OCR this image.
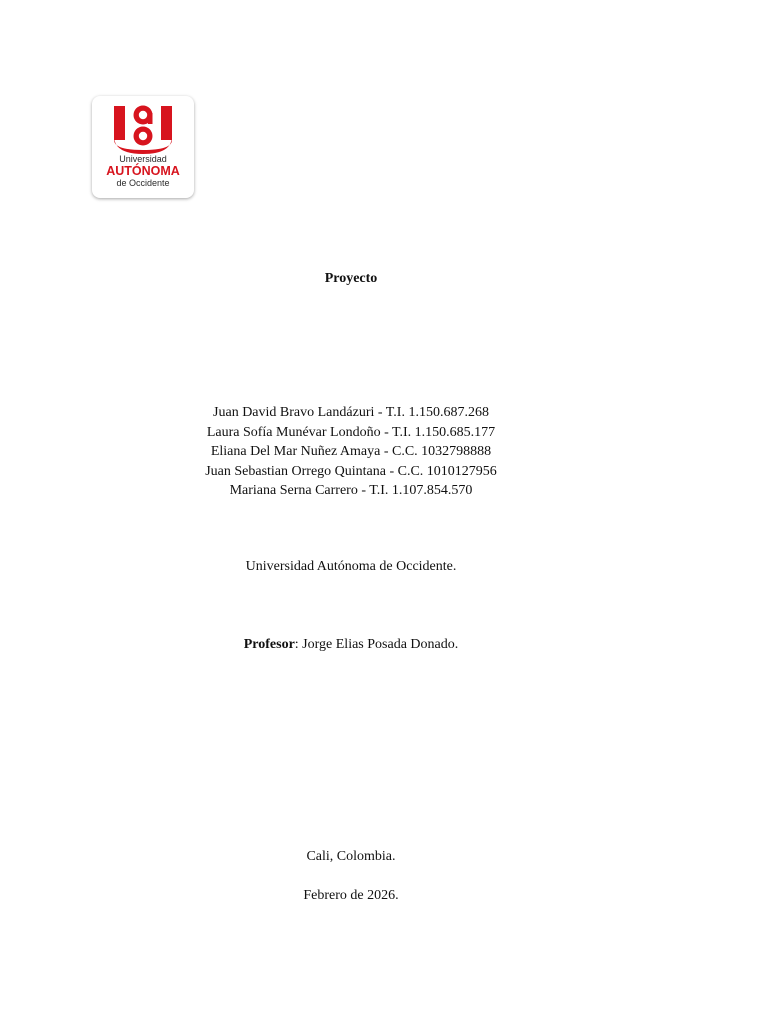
Universidad
AUTÓNOMA
de Occidente
Proyecto
Juan David Bravo Landázuri - T.I. 1.150.687.268
Laura Sofía Munévar Londoño - T.I. 1.150.685.177
Eliana Del Mar Nuñez Amaya - C.C. 1032798888
Juan Sebastian Orrego Quintana - C.C. 1010127956
Mariana Serna Carrero - T.I. 1.107.854.570
Universidad Autónoma de Occidente.
Profesor: Jorge Elias Posada Donado.
Cali, Colombia.
Febrero de 2026.
